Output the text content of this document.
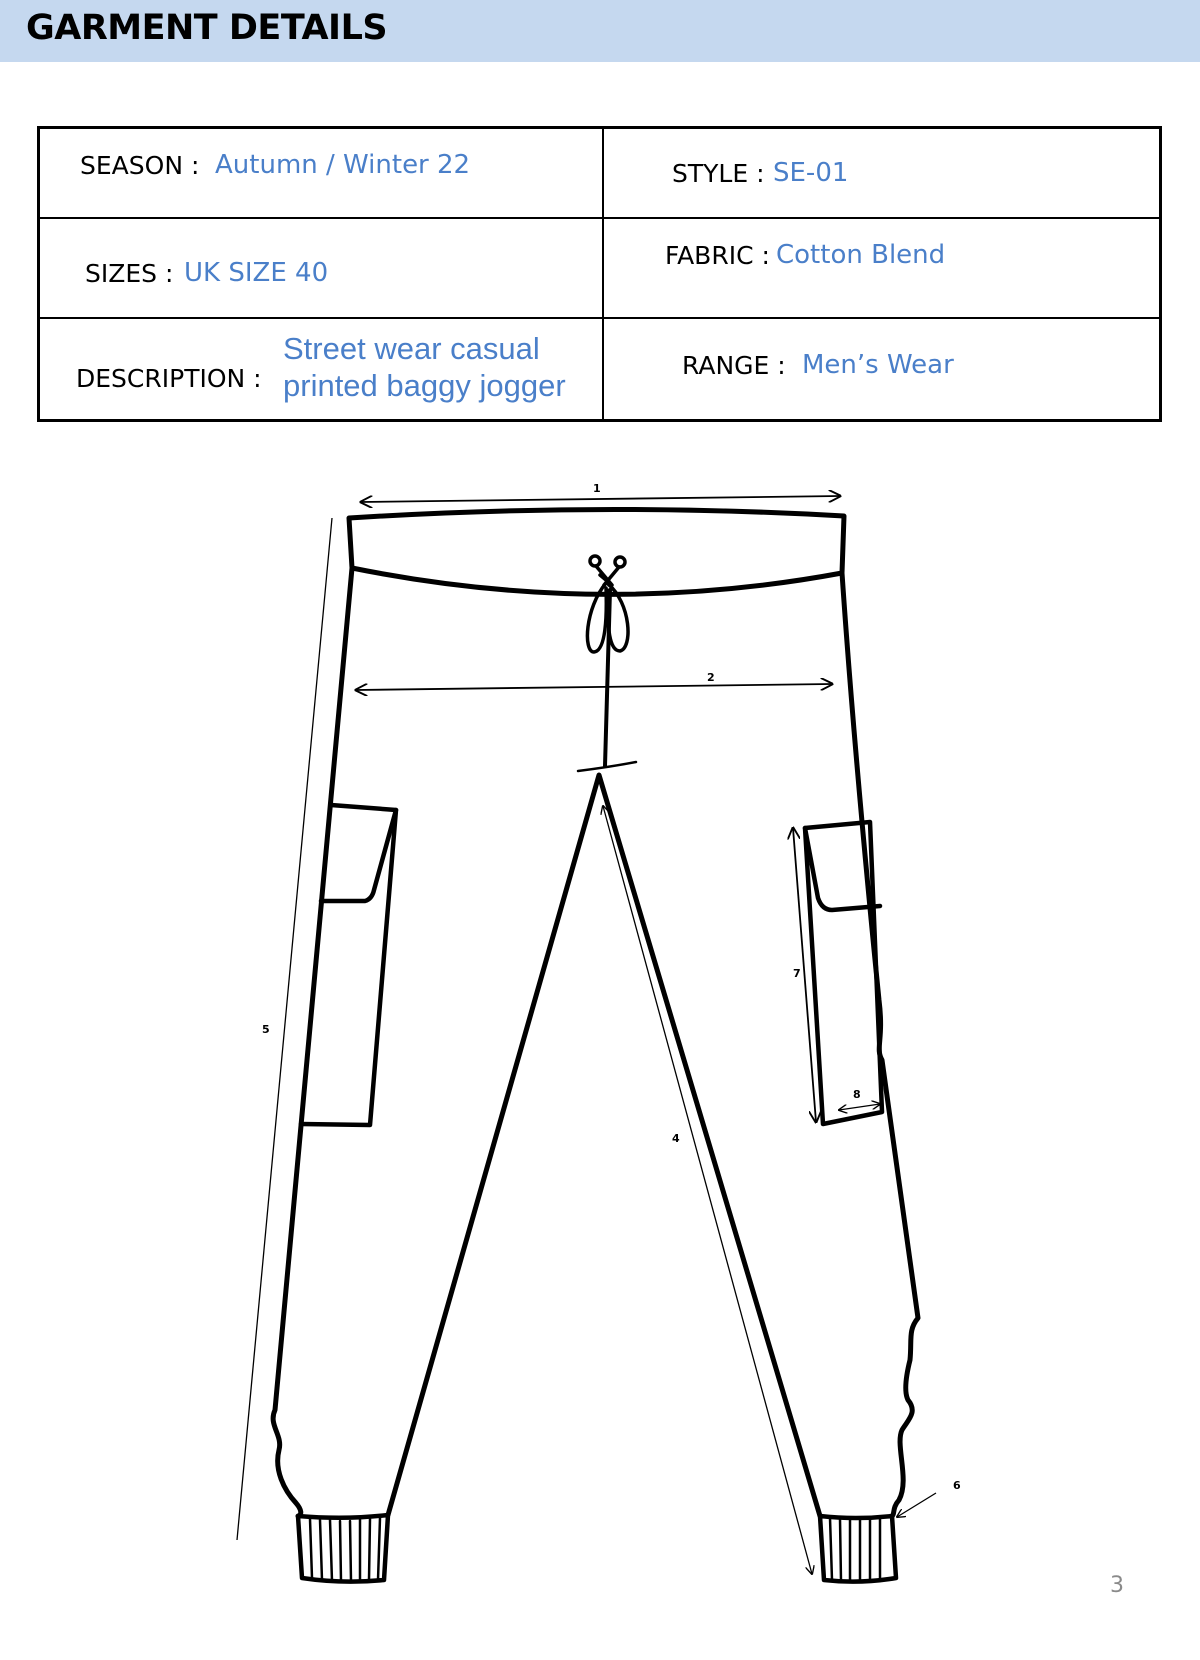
GARMENT DETAILS
SEASON : Autumn / Winter 22	STYLE : SE-01
SIZES : UK SIZE 40
FABRIC : Cotton Blend
DESCRIPTION :
Street wear casual
printed baggy jogger
RANGE : Men’s Wear
1
2
4
5
6
7
8
3
